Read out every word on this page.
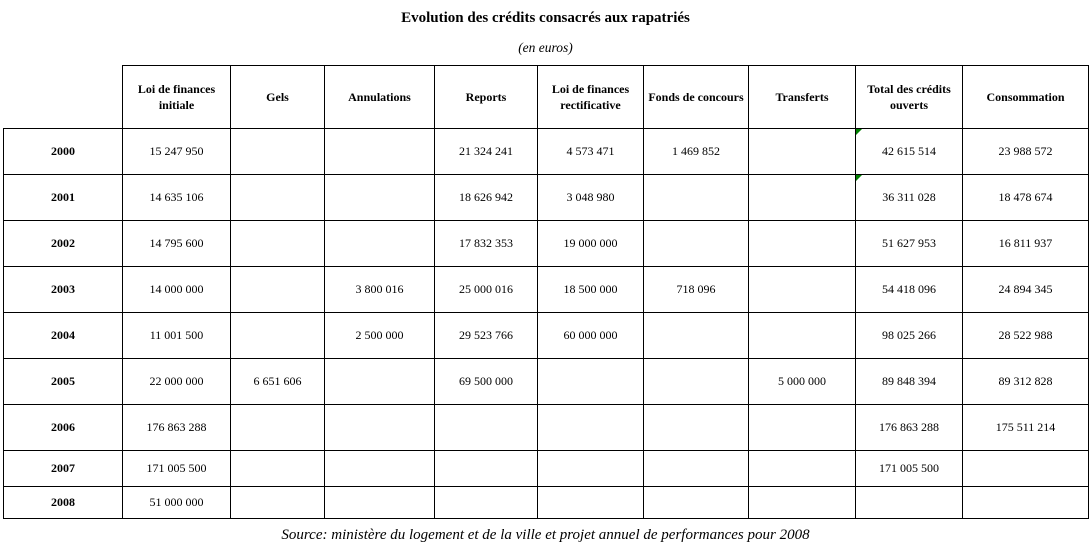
Evolution des crédits consacrés aux rapatriés
(en euros)
	Loi de finances initiale	Gels	Annulations	Reports	Loi de finances rectificative	Fonds de concours	Transferts	Total des crédits ouverts	Consommation
2000	15 247 950			21 324 241	4 573 471	1 469 852		42 615 514	23 988 572
2001	14 635 106			18 626 942	3 048 980			36 311 028	18 478 674
2002	14 795 600			17 832 353	19 000 000			51 627 953	16 811 937
2003	14 000 000		3 800 016	25 000 016	18 500 000	718 096		54 418 096	24 894 345
2004	11 001 500		2 500 000	29 523 766	60 000 000			98 025 266	28 522 988
2005	22 000 000	6 651 606		69 500 000			5 000 000	89 848 394	89 312 828
2006	176 863 288							176 863 288	175 511 214
2007	171 005 500							171 005 500	
2008	51 000 000								
Source: ministère du logement et de la ville et projet annuel de performances pour 2008
